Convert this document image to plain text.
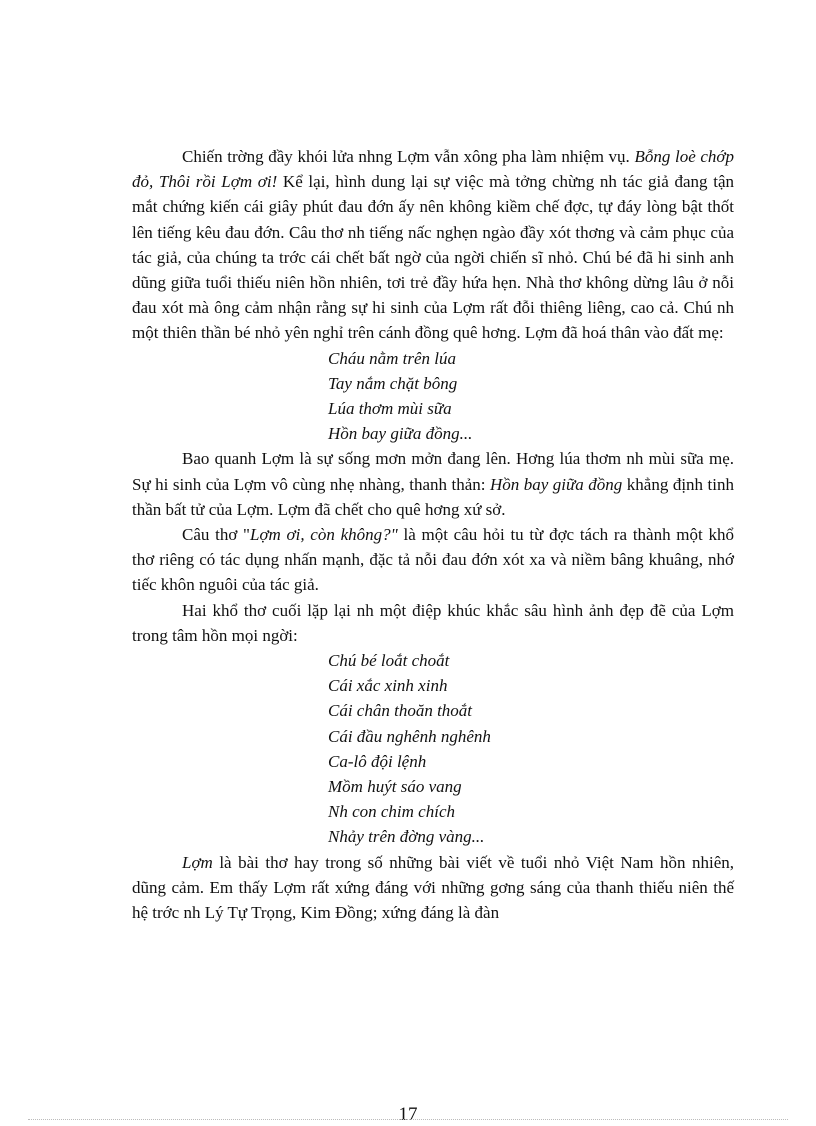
Chiến trờng đầy khói lửa nhng Lợm vẫn xông pha làm nhiệm vụ. Bỗng loè chớp đỏ, Thôi rồi Lợm ơi! Kể lại, hình dung lại sự việc mà tởng chừng nh tác giả đang tận mắt chứng kiến cái giây phút đau đớn ấy nên không kiềm chế đợc, tự đáy lòng bật thốt lên tiếng kêu đau đớn. Câu thơ nh tiếng nấc nghẹn ngào đầy xót thơng và cảm phục của tác giả, của chúng ta trớc cái chết bất ngờ của ngời chiến sĩ nhỏ. Chú bé đã hi sinh anh dũng giữa tuổi thiếu niên hồn nhiên, tơi trẻ đầy hứa hẹn. Nhà thơ không dừng lâu ở nỗi đau xót mà ông cảm nhận rằng sự hi sinh của Lợm rất đỗi thiêng liêng, cao cả. Chú nh một thiên thần bé nhỏ yên nghỉ trên cánh đồng quê hơng. Lợm đã hoá thân vào đất mẹ:

Cháu nằm trên lúa
Tay nắm chặt bông
Lúa thơm mùi sữa
Hồn bay giữa đồng...

Bao quanh Lợm là sự sống mơn mởn đang lên. Hơng lúa thơm nh mùi sữa mẹ. Sự hi sinh của Lợm vô cùng nhẹ nhàng, thanh thản: Hồn bay giữa đồng khẳng định tinh thần bất tử của Lợm. Lợm đã chết cho quê hơng xứ sở.

Câu thơ "Lợm ơi, còn không?" là một câu hỏi tu từ đợc tách ra thành một khổ thơ riêng có tác dụng nhấn mạnh, đặc tả nỗi đau đớn xót xa và niềm bâng khuâng, nhớ tiếc khôn nguôi của tác giả.

Hai khổ thơ cuối lặp lại nh một điệp khúc khắc sâu hình ảnh đẹp đẽ của Lợm trong tâm hồn mọi ngời:

Chú bé loắt choắt
Cái xắc xinh xinh
Cái chân thoăn thoắt
Cái đầu nghênh nghênh
Ca-lô đội lệnh
Mồm huýt sáo vang
Nh con chim chích
Nhảy trên đờng vàng...

Lợm là bài thơ hay trong số những bài viết về tuổi nhỏ Việt Nam hồn nhiên, dũng cảm. Em thấy Lợm rất xứng đáng với những gơng sáng của thanh thiếu niên thế hệ trớc nh Lý Tự Trọng, Kim Đồng; xứng đáng là đàn

17
